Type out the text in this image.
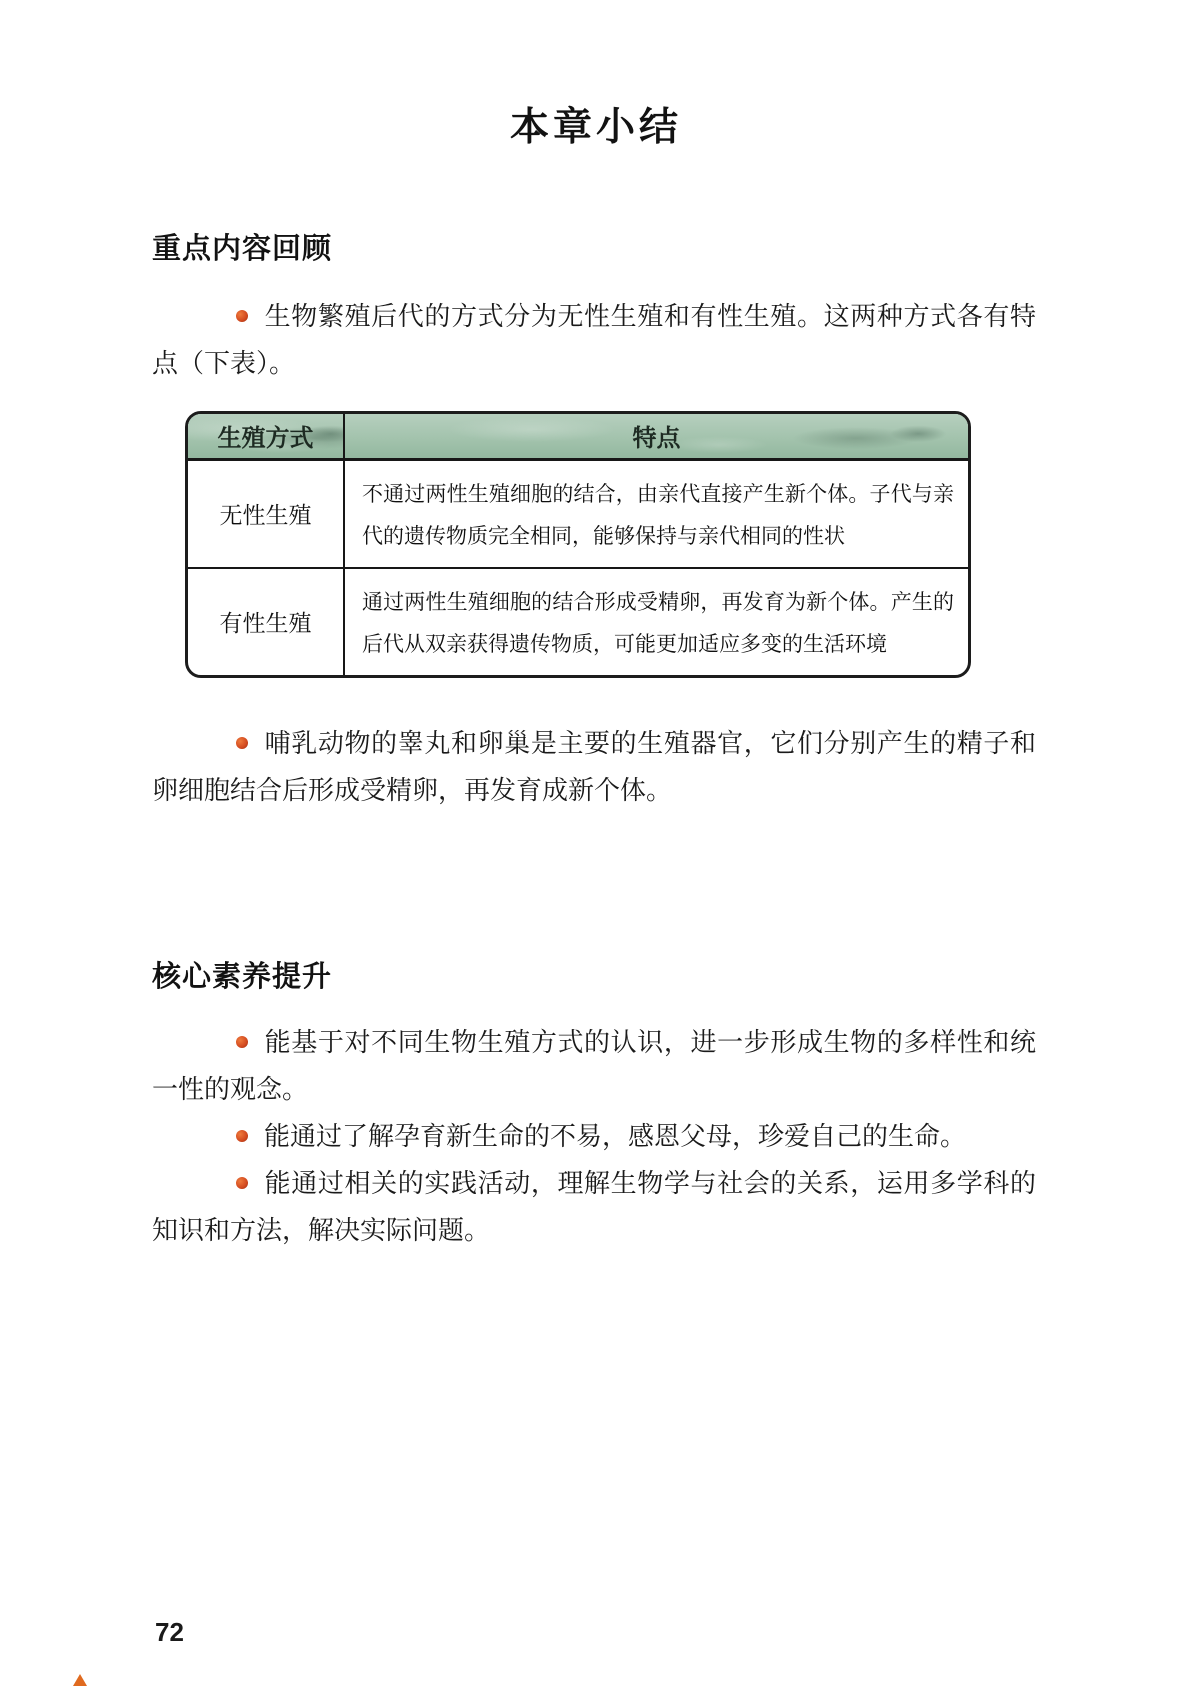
本章小结
重点内容回顾

生物繁殖后代的方式分为无性生殖和有性生殖。这两种方式各有特点（下表）。

生殖方式	特点
无性生殖	不通过两性生殖细胞的结合，由亲代直接产生新个体。子代与亲代的遗传物质完全相同，能够保持与亲代相同的性状
有性生殖	通过两性生殖细胞的结合形成受精卵，再发育为新个体。产生的后代从双亲获得遗传物质，可能更加适应多变的生活环境

哺乳动物的睾丸和卵巢是主要的生殖器官，它们分别产生的精子和卵细胞结合后形成受精卵，再发育成新个体。

核心素养提升

能基于对不同生物生殖方式的认识，进一步形成生物的多样性和统一性的观念。

能通过了解孕育新生命的不易，感恩父母，珍爱自己的生命。

能通过相关的实践活动，理解生物学与社会的关系，运用多学科的知识和方法，解决实际问题。

72
